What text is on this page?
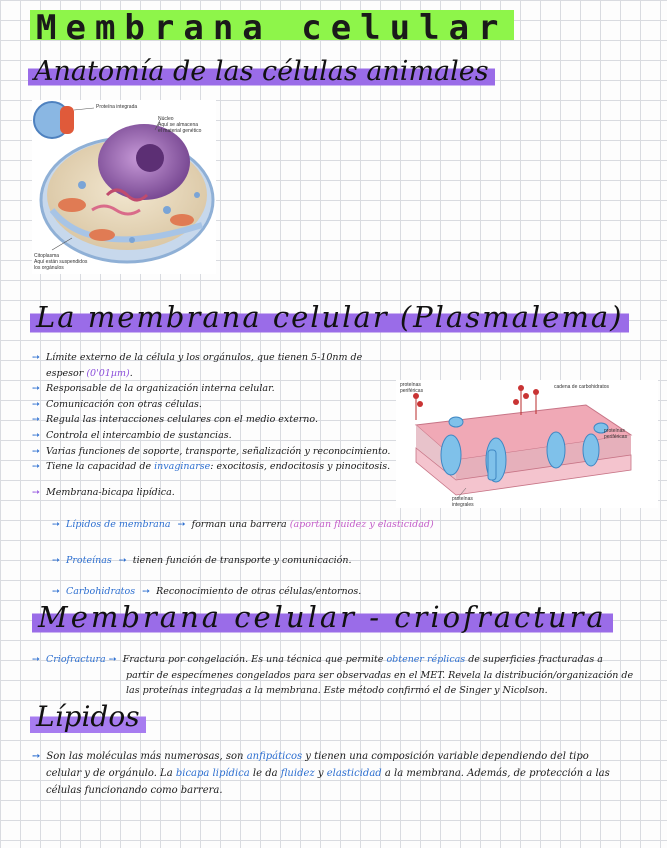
Membrana celular
Anatomía de las células animales
Proteína integrada
Núcleo
Aquí se almacena
el material genético
Citoplasma
Aquí están suspendidos
los orgánulos
La membrana celular (Plasmalema)
➙ Límite externo de la célula y los orgánulos, que tienen 5-10nm de espesor (0'01µm).
➙ Responsable de la organización interna celular.
➙ Comunicación con otras células.
➙ Regula las interacciones celulares con el medio externo.
➙ Controla el intercambio de sustancias.
➙ Varias funciones de soporte, transporte, señalización y reconocimiento.
➙ Tiene la capacidad de invaginarse: exocitosis, endocitosis y pinocitosis.
➙ Membrana-bicapa lipídica.
➙ Lípidos de membrana ➙ forman una barrera (aportan fluidez y elasticidad)
➙ Proteínas ➙ tienen función de transporte y comunicación.
➙ Carbohidratos ➙ Reconocimiento de otras células/entornos.
proteínas
periféricas
cadena de carbohidratos
proteínas
periféricas
proteínas
integrales
Membrana celular - criofractura
➙ Criofractura ➙ Fractura por congelación. Es una técnica que permite obtener réplicas de superficies fracturadas a
partir de especímenes congelados para ser observadas en el MET. Revela la distribución/organización de
las proteínas integradas a la membrana. Este método confirmó el de Singer y Nicolson.
Lípidos
➙ Son las moléculas más numerosas, son anfipáticos y tienen una composición variable dependiendo del tipo
celular y de orgánulo. La bicapa lipídica le da fluidez y elasticidad a la membrana. Además, de protección a las
células funcionando como barrera.
